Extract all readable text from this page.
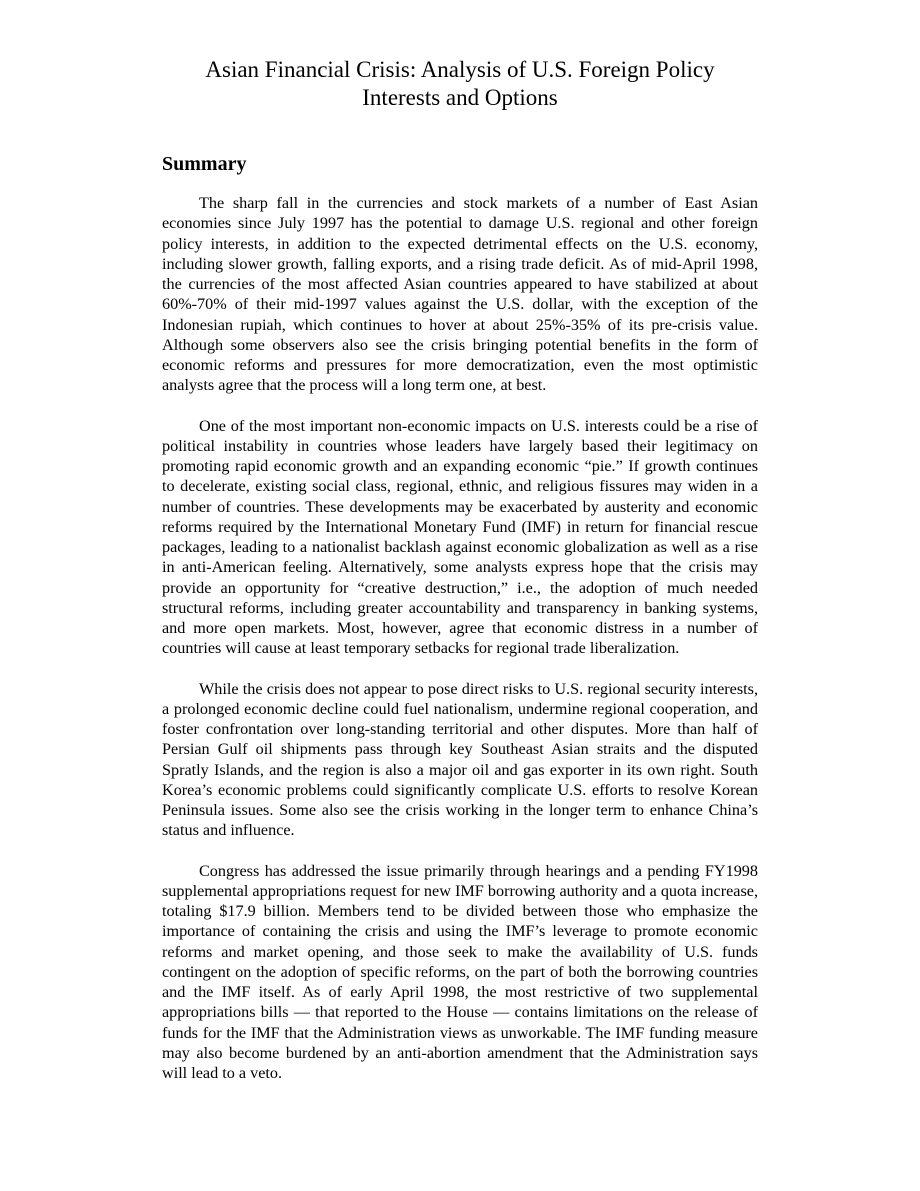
Asian Financial Crisis: Analysis of U.S. Foreign Policy
Interests and Options
Summary

The sharp fall in the currencies and stock markets of a number of East Asian economies since July 1997 has the potential to damage U.S. regional and other foreign policy interests, in addition to the expected detrimental effects on the U.S. economy, including slower growth, falling exports, and a rising trade deficit. As of mid-April 1998, the currencies of the most affected Asian countries appeared to have stabilized at about 60%-70% of their mid-1997 values against the U.S. dollar, with the exception of the Indonesian rupiah, which continues to hover at about 25%-35% of its pre-crisis value. Although some observers also see the crisis bringing potential benefits in the form of economic reforms and pressures for more democratization, even the most optimistic analysts agree that the process will a long term one, at best.

One of the most important non-economic impacts on U.S. interests could be a rise of political instability in countries whose leaders have largely based their legitimacy on promoting rapid economic growth and an expanding economic “pie.” If growth continues to decelerate, existing social class, regional, ethnic, and religious fissures may widen in a number of countries. These developments may be exacerbated by austerity and economic reforms required by the International Monetary Fund (IMF) in return for financial rescue packages, leading to a nationalist backlash against economic globalization as well as a rise in anti-American feeling. Alternatively, some analysts express hope that the crisis may provide an opportunity for “creative destruction,” i.e., the adoption of much needed structural reforms, including greater accountability and transparency in banking systems, and more open markets. Most, however, agree that economic distress in a number of countries will cause at least temporary setbacks for regional trade liberalization.

While the crisis does not appear to pose direct risks to U.S. regional security interests, a prolonged economic decline could fuel nationalism, undermine regional cooperation, and foster confrontation over long-standing territorial and other disputes. More than half of Persian Gulf oil shipments pass through key Southeast Asian straits and the disputed Spratly Islands, and the region is also a major oil and gas exporter in its own right. South Korea’s economic problems could significantly complicate U.S. efforts to resolve Korean Peninsula issues. Some also see the crisis working in the longer term to enhance China’s status and influence.

Congress has addressed the issue primarily through hearings and a pending FY1998 supplemental appropriations request for new IMF borrowing authority and a quota increase, totaling $17.9 billion. Members tend to be divided between those who emphasize the importance of containing the crisis and using the IMF’s leverage to promote economic reforms and market opening, and those seek to make the availability of U.S. funds contingent on the adoption of specific reforms, on the part of both the borrowing countries and the IMF itself. As of early April 1998, the most restrictive of two supplemental appropriations bills — that reported to the House — contains limitations on the release of funds for the IMF that the Administration views as unworkable. The IMF funding measure may also become burdened by an anti-abortion amendment that the Administration says will lead to a veto.
